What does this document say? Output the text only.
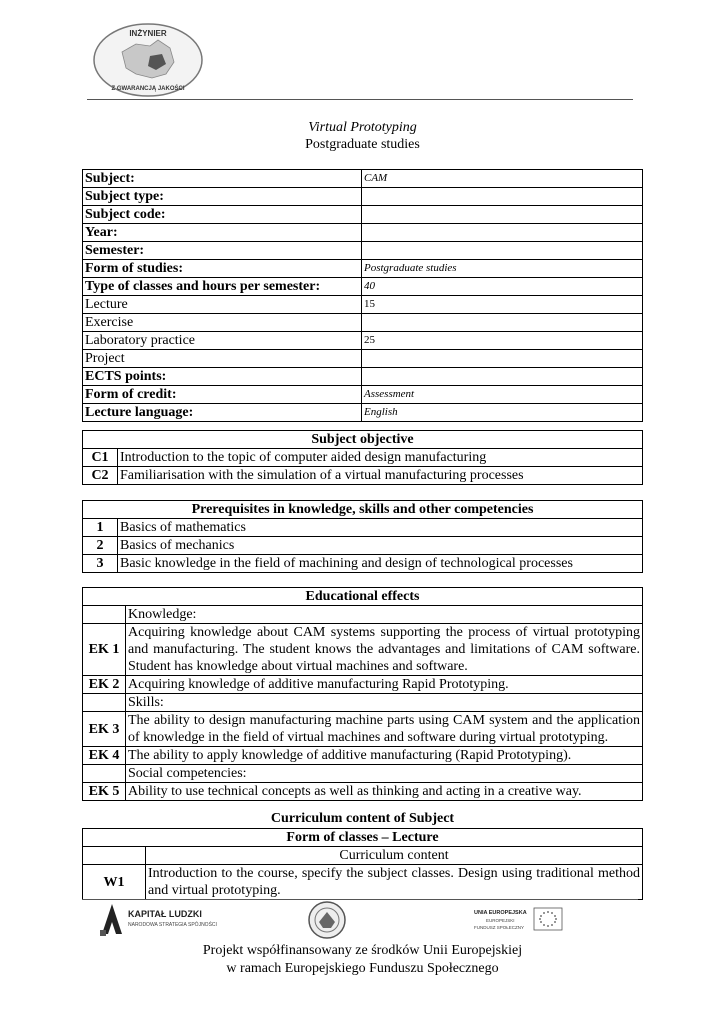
INŻYNIER
Z GWARANCJĄ JAKOŚCI
Virtual Prototyping
Postgraduate studies
Subject:	CAM
Subject type:	
Subject code:	
Year:	
Semester:	
Form of studies:	Postgraduate studies
Type of classes and hours per semester:	40
Lecture	15
Exercise	
Laboratory practice	25
Project	
ECTS points:	
Form of credit:	Assessment
Lecture language:	English
Subject objective	
C1	Introduction to the topic of computer aided design manufacturing
C2	Familiarisation with the simulation of a virtual manufacturing processes
Prerequisites in knowledge, skills and other competencies	
1	Basics of mathematics
2	Basics of mechanics
3	Basic knowledge in the field of machining and design of technological processes
Educational effects	
	Knowledge:
EK 1	Acquiring knowledge about CAM systems supporting the process of virtual prototyping and manufacturing. The student knows the advantages and limitations of CAM software. Student has knowledge about virtual machines and software.
EK 2	Acquiring knowledge of additive manufacturing Rapid Prototyping.
	Skills:
EK 3	The ability to design manufacturing machine parts using CAM system and the application of knowledge in the field of virtual machines and software during virtual prototyping.
EK 4	The ability to apply knowledge of additive manufacturing (Rapid Prototyping).
	Social competencies:
EK 5	Ability to use technical concepts as well as thinking and acting in a creative way.
Curriculum content of Subject
Form of classes – Lecture	
	Curriculum content
W1	Introduction to the course, specify the subject classes. Design using traditional method and virtual prototyping.
KAPITAŁ LUDZKI
NARODOWA STRATEGIA SPÓJNOŚCI
UNIA EUROPEJSKA
EUROPEJSKI
FUNDUSZ SPOŁECZNY
Projekt współfinansowany ze środków Unii Europejskiej
w ramach Europejskiego Funduszu Społecznego
